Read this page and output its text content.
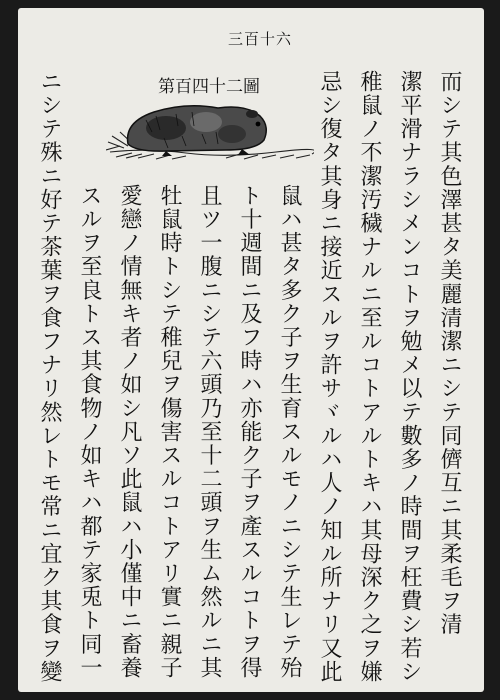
三百十六
第百四十二圖	而シテ其色澤甚タ美麗清潔ニシテ同儕互ニ其柔毛ヲ清
潔平滑ナラシメンコトヲ勉メ以テ數多ノ時間ヲ枉費シ若シ
稚鼠ノ不潔汚穢ナルニ至ルコトアルトキハ其母深ク之ヲ嫌
忌シ復タ其身ニ接近スルヲ許サヾルハ人ノ知ル所ナリ又此
鼠ハ甚タ多ク子ヲ生育スルモノニシテ生レテ殆
ト十週間ニ及フ時ハ亦能ク子ヲ產スルコトヲ得
且ツ一腹ニシテ六頭乃至十二頭ヲ生ム然ルニ其
牡鼠時トシテ稚兒ヲ傷害スルコトアリ實ニ親子
愛戀ノ情無キ者ノ如シ凡ソ此鼠ハ小僅中ニ畜養
スルヲ至良トス其食物ノ如キハ都テ家兎ト同一
ニシテ殊ニ好テ茶葉ヲ食フナリ然レトモ常ニ宜ク其食ヲ變
